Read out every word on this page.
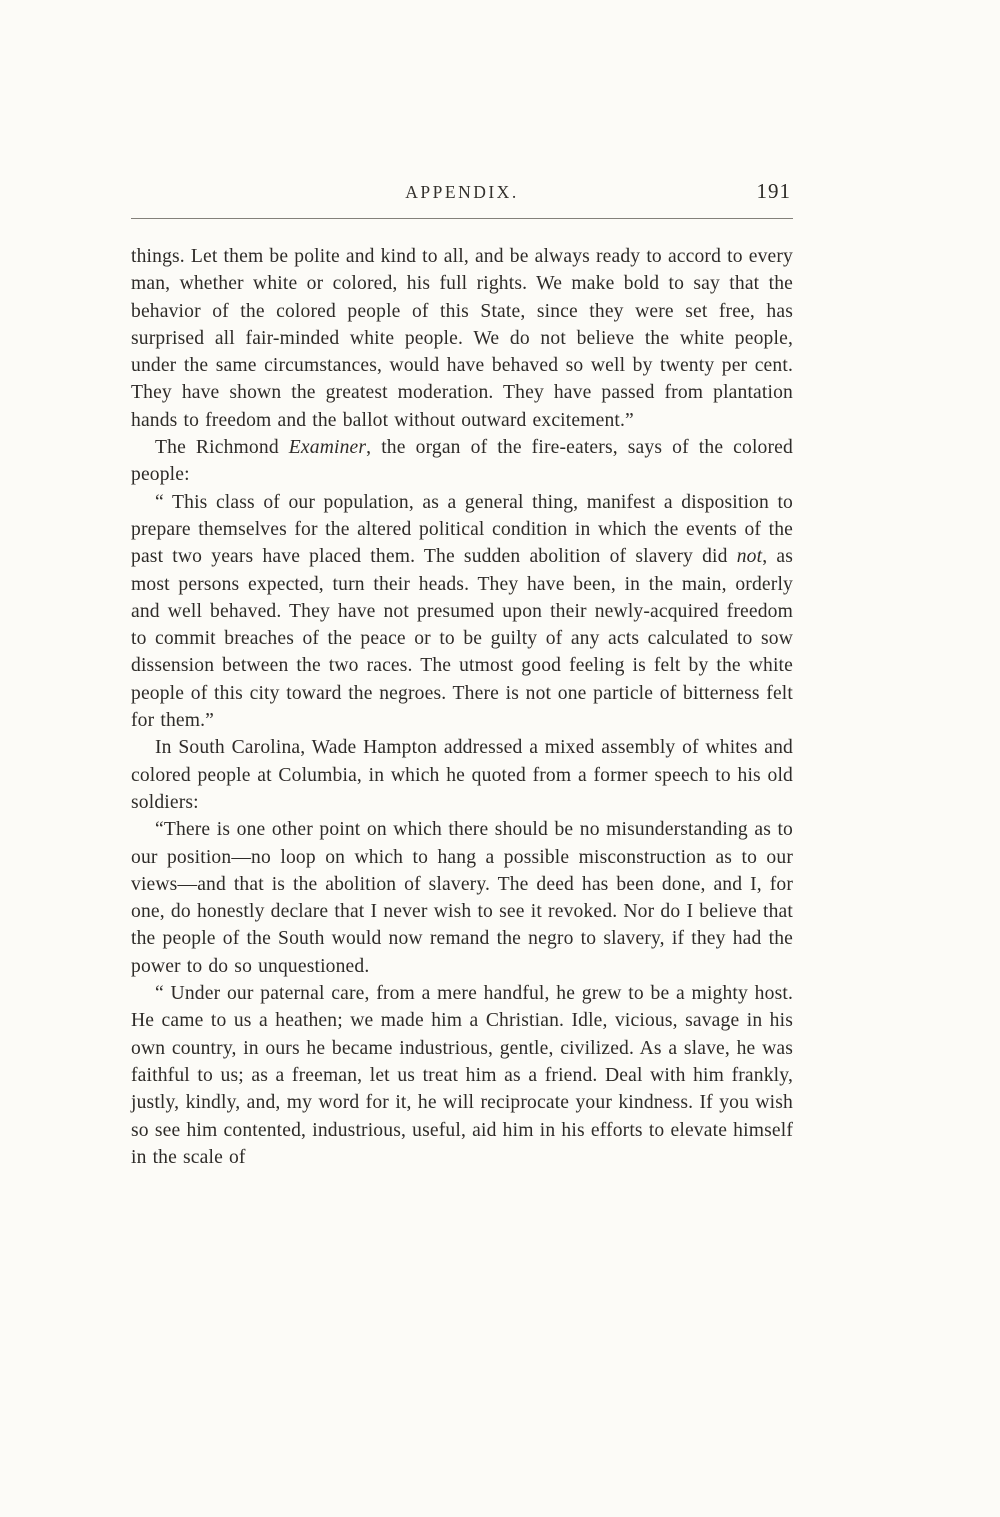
APPENDIX.	191

things. Let them be polite and kind to all, and be always ready to accord to every man, whether white or colored, his full rights. We make bold to say that the behavior of the colored people of this State, since they were set free, has surprised all fair-minded white people. We do not believe the white people, under the same circumstances, would have behaved so well by twenty per cent. They have shown the greatest moderation. They have passed from plantation hands to freedom and the ballot without outward excitement.”

The Richmond Examiner, the organ of the fire-eaters, says of the colored people:

“ This class of our population, as a general thing, manifest a disposition to prepare themselves for the altered political condition in which the events of the past two years have placed them. The sudden abolition of slavery did not, as most persons expected, turn their heads. They have been, in the main, orderly and well behaved. They have not presumed upon their newly-acquired freedom to commit breaches of the peace or to be guilty of any acts calculated to sow dissension between the two races. The utmost good feeling is felt by the white people of this city toward the negroes. There is not one particle of bitterness felt for them.”

In South Carolina, Wade Hampton addressed a mixed assembly of whites and colored people at Columbia, in which he quoted from a former speech to his old soldiers:

“There is one other point on which there should be no misunderstanding as to our position—no loop on which to hang a possible misconstruction as to our views—and that is the abolition of slavery. The deed has been done, and I, for one, do honestly declare that I never wish to see it revoked. Nor do I believe that the people of the South would now remand the negro to slavery, if they had the power to do so unquestioned.

“ Under our paternal care, from a mere handful, he grew to be a mighty host. He came to us a heathen; we made him a Christian. Idle, vicious, savage in his own country, in ours he became industrious, gentle, civilized. As a slave, he was faithful to us; as a freeman, let us treat him as a friend. Deal with him frankly, justly, kindly, and, my word for it, he will reciprocate your kindness. If you wish so see him contented, industrious, useful, aid him in his efforts to elevate himself in the scale of
